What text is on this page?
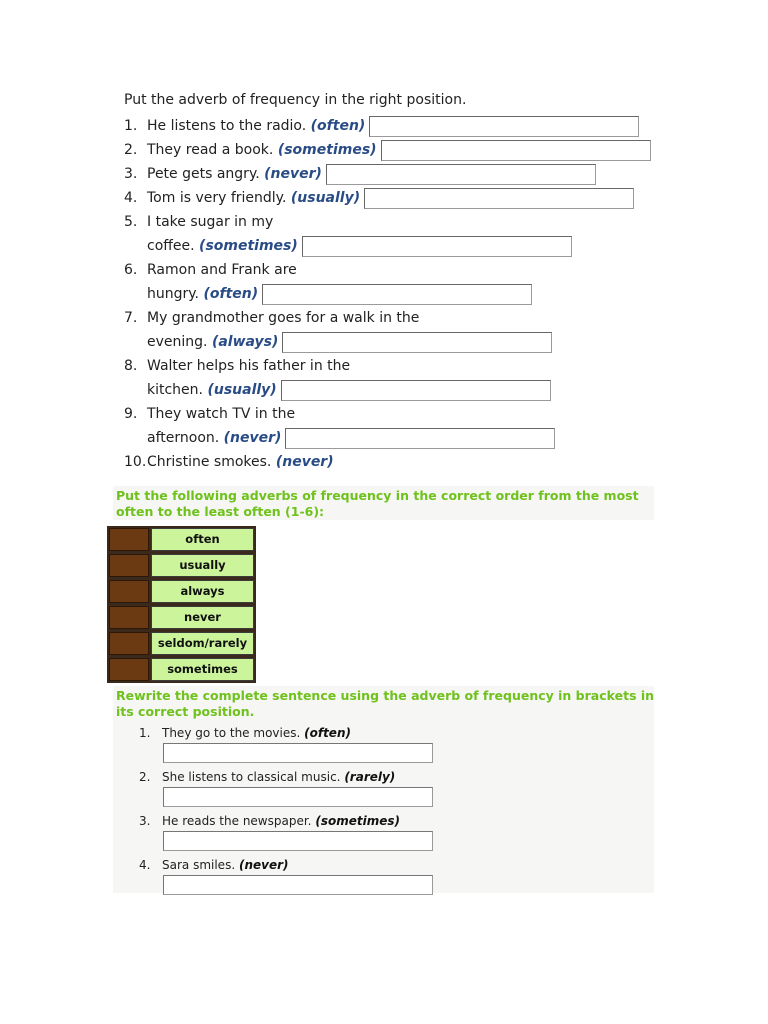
Put the adverb of frequency in the right position.
1. He listens to the radio. (often)
2. They read a book. (sometimes)
3. Pete gets angry. (never)
4. Tom is very friendly. (usually)
5. I take sugar in my
coffee. (sometimes)
6. Ramon and Frank are
hungry. (often)
7. My grandmother goes for a walk in the
evening. (always)
8. Walter helps his father in the
kitchen. (usually)
9. They watch TV in the
afternoon. (never)
10. Christine smokes. (never)
Put the following adverbs of frequency in the correct order from the most often to the least often (1-6):
often
usually
always
never
seldom/rarely
sometimes
Rewrite the complete sentence using the adverb of frequency in brackets in its correct position.
1. They go to the movies. (often)
2. She listens to classical music. (rarely)
3. He reads the newspaper. (sometimes)
4. Sara smiles. (never)
